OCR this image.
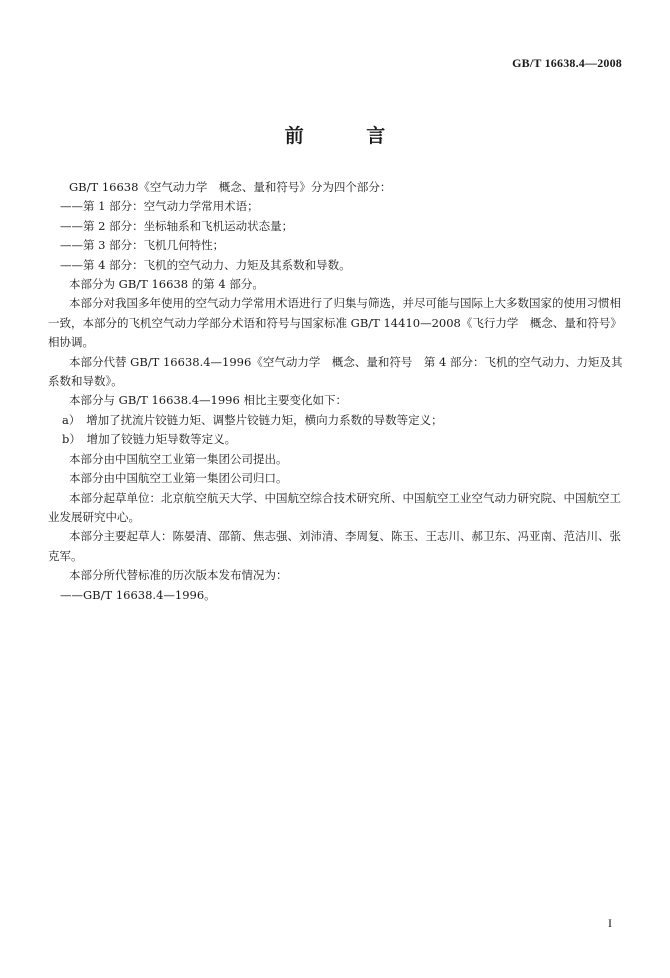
GB/T 16638.4—2008
前 言

GB/T 16638《空气动力学　概念、量和符号》分为四个部分：

——第 1 部分：空气动力学常用术语；

——第 2 部分：坐标轴系和飞机运动状态量；

——第 3 部分：飞机几何特性；

——第 4 部分：飞机的空气动力、力矩及其系数和导数。

本部分为 GB/T 16638 的第 4 部分。

本部分对我国多年使用的空气动力学常用术语进行了归集与筛选，并尽可能与国际上大多数国家的使用习惯相一致，本部分的飞机空气动力学部分术语和符号与国家标准 GB/T 14410—2008《飞行力学　概念、量和符号》相协调。

本部分代替 GB/T 16638.4—1996《空气动力学　概念、量和符号　第 4 部分：飞机的空气动力、力矩及其系数和导数》。

本部分与 GB/T 16638.4—1996 相比主要变化如下：

a）　增加了扰流片铰链力矩、调整片铰链力矩，横向力系数的导数等定义；

b）　增加了铰链力矩导数等定义。

本部分由中国航空工业第一集团公司提出。

本部分由中国航空工业第一集团公司归口。

本部分起草单位：北京航空航天大学、中国航空综合技术研究所、中国航空工业空气动力研究院、中国航空工业发展研究中心。

本部分主要起草人：陈晏清、邵箭、焦志强、刘沛清、李周复、陈玉、王志川、郝卫东、冯亚南、范洁川、张克军。

本部分所代替标准的历次版本发布情况为：

——GB/T 16638.4—1996。

I
